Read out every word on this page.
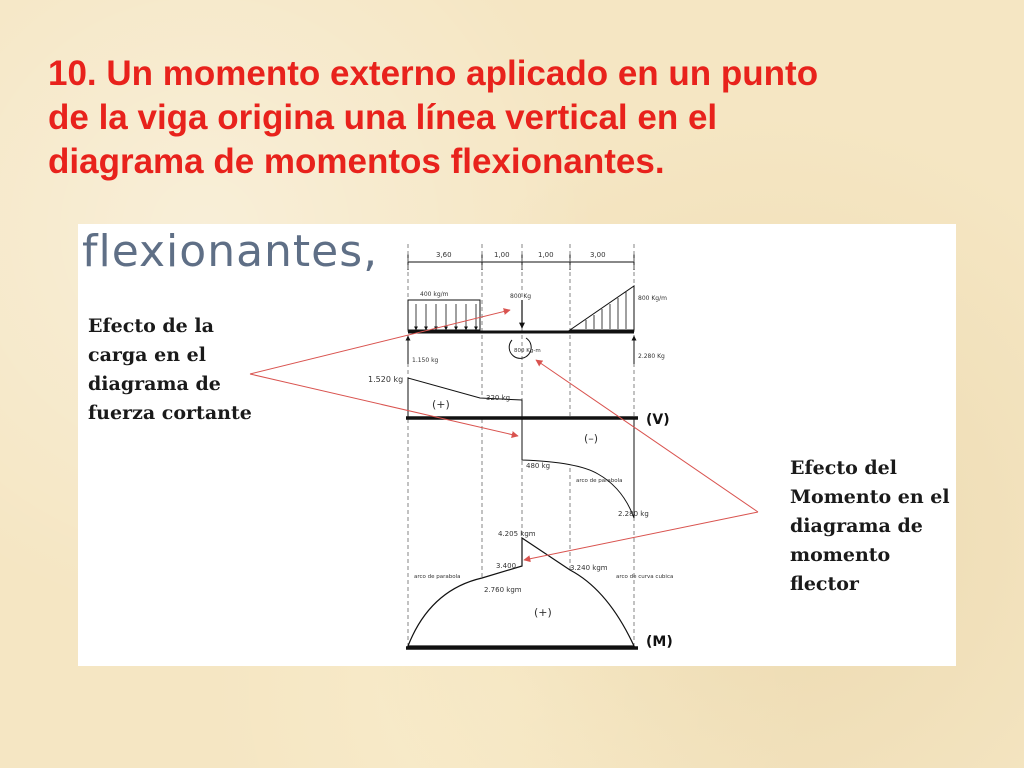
10. Un momento externo aplicado en un punto
de la viga origina una línea vertical en el
diagrama de momentos flexionantes.
flexionantes,	3,60	1,00	1,00	3,00
400 kg/m	800 Kg
800 Kg-m
800 Kg/m
1.150 kg
2.280 Kg
1.520 kg
320 kg
480 kg
2.280 kg
(+)
(–)
arco de parabola
(V)
4.205 kgm
3.400
2.760 kgm
3.240 kgm
(+)
arco de parabola	arco de curva cubica
(M)
Efecto de la
carga en el
diagrama de
fuerza cortante
Efecto del
Momento en el
diagrama de
momento
flector
